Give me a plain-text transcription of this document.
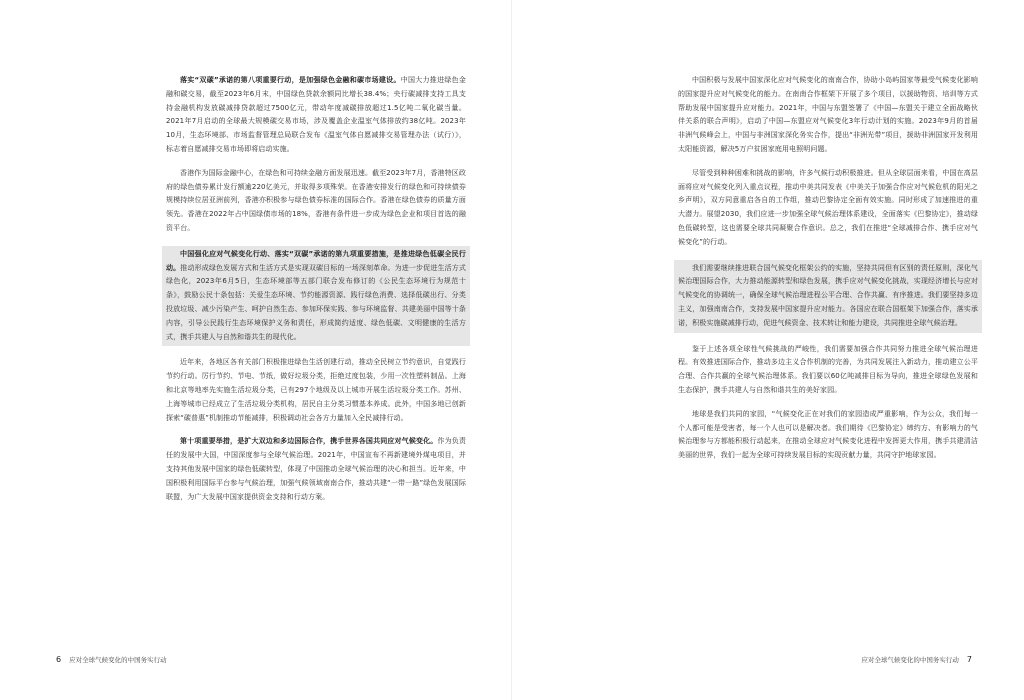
落实“双碳”承诺的第八项重要行动，是加强绿色金融和碳市场建设。中国大力推进绿色金融和碳交易，截至2023年6月末，中国绿色贷款余额同比增长38.4%；央行碳减排支持工具支持金融机构发放碳减排贷款超过7500亿元，带动年度减碳排放超过1.5亿吨二氧化碳当量。2021年7月启动的全球最大规模碳交易市场，涉及覆盖企业温室气体排放约38亿吨。2023年10月，生态环境部、市场监督管理总局联合发布《温室气体自愿减排交易管理办法（试行）》，标志着自愿减排交易市场即将启动实施。

香港作为国际金融中心，在绿色和可持续金融方面发展迅速。截至2023年7月，香港特区政府的绿色债券累计发行额逾220亿美元，并取得多项殊荣。在香港安排发行的绿色和可持续债券规模持续位居亚洲前列，香港亦积极参与绿色债券标准的国际合作。香港在绿色债券的质量方面领先。香港在2022年占中国绿债市场的18%，香港有条件进一步成为绿色企业和项目首选的融资平台。

中国强化应对气候变化行动、落实“双碳”承诺的第九项重要措施，是推进绿色低碳全民行动。推动形成绿色发展方式和生活方式是实现双碳目标的一场深刻革命。为进一步促进生活方式绿色化，2023年6月5日，生态环境部等五部门联合发布修订的《公民生态环境行为规范十条》，鼓励公民十条包括：关爱生态环境、节约能源资源、践行绿色消费、选择低碳出行、分类投放垃圾、减少污染产生、呵护自然生态、参加环保实践、参与环境监督、共建美丽中国等十条内容，引导公民践行生态环境保护义务和责任，形成简约适度、绿色低碳、文明健康的生活方式，携手共建人与自然和谐共生的现代化。

近年来，各地区各有关部门积极推进绿色生活创建行动，推动全民树立节约意识，自觉践行节约行动。厉行节约、节电、节纸，做好垃圾分类，拒绝过度包装，少用一次性塑料制品。上海和北京等地率先实施生活垃圾分类，已有297个地级及以上城市开展生活垃圾分类工作。苏州、上海等城市已经成立了生活垃圾分类机构，居民自主分类习惯基本养成。此外，中国多地已创新探索“碳普惠”机制推动节能减排，积极调动社会各方力量加入全民减排行动。

第十项重要举措，是扩大双边和多边国际合作，携手世界各国共同应对气候变化。作为负责任的发展中大国，中国深度参与全球气候治理。2021年，中国宣布不再新建境外煤电项目，并支持其他发展中国家的绿色低碳转型，体现了中国推动全球气候治理的决心和担当。近年来，中国积极利用国际平台参与气候治理，加强气候领域南南合作，推动共建“一带一路”绿色发展国际联盟，为广大发展中国家提供资金支持和行动方案。

6 应对全球气候变化的中国务实行动

中国积极与发展中国家深化应对气候变化的南南合作，协助小岛屿国家等最受气候变化影响的国家提升应对气候变化的能力。在南南合作框架下开展了多个项目，以援助物资、培训等方式帮助发展中国家提升应对能力。2021年，中国与东盟签署了《中国—东盟关于建立全面战略伙伴关系的联合声明》，启动了中国—东盟应对气候变化3年行动计划的实施。2023年9月的首届非洲气候峰会上，中国与非洲国家深化务实合作，提出“非洲光带”项目，援助非洲国家开发利用太阳能资源，解决5万户贫困家庭用电照明问题。

尽管受到种种困难和挑战的影响，许多气候行动积极推进。但从全球层面来看，中国在高层面将应对气候变化列入重点议程，推动中美共同发表《中美关于加强合作应对气候危机的阳光之乡声明》，双方同意重启各自的工作组，推动巴黎协定全面有效实施。同时形成了加速推进的重大潜力。展望2030，我们应进一步加强全球气候治理体系建设，全面落实《巴黎协定》，推动绿色低碳转型，这也需要全球共同凝聚合作意识。总之，我们在推进“全球减排合作、携手应对气候变化”的行动。

我们需要继续推进联合国气候变化框架公约的实施，坚持共同但有区别的责任原则，深化气候治理国际合作，大力推动能源转型和绿色发展，携手应对气候变化挑战，实现经济增长与应对气候变化的协调统一，确保全球气候治理进程公平合理、合作共赢、有序推进。我们要坚持多边主义，加强南南合作，支持发展中国家提升应对能力。各国应在联合国框架下加强合作，落实承诺，积极实施碳减排行动，促进气候资金、技术转让和能力建设，共同推进全球气候治理。

鉴于上述各项全球性气候挑战的严峻性，我们需要加强合作共同努力推进全球气候治理进程。有效推进国际合作，推动多边主义合作机制的完善，为共同发展注入新动力，推动建立公平合理、合作共赢的全球气候治理体系。我们要以60亿吨减排目标为导向，推进全球绿色发展和生态保护，携手共建人与自然和谐共生的美好家园。

地球是我们共同的家园，“气候变化正在对我们的家园造成严重影响，作为公众，我们每一个人都可能是受害者，每一个人也可以是解决者。我们期待《巴黎协定》缔约方、有影响力的气候治理参与方都能积极行动起来，在推动全球应对气候变化进程中发挥更大作用，携手共建清洁美丽的世界，我们一起为全球可持续发展目标的实现贡献力量，共同守护地球家园。

应对全球气候变化的中国务实行动 7
